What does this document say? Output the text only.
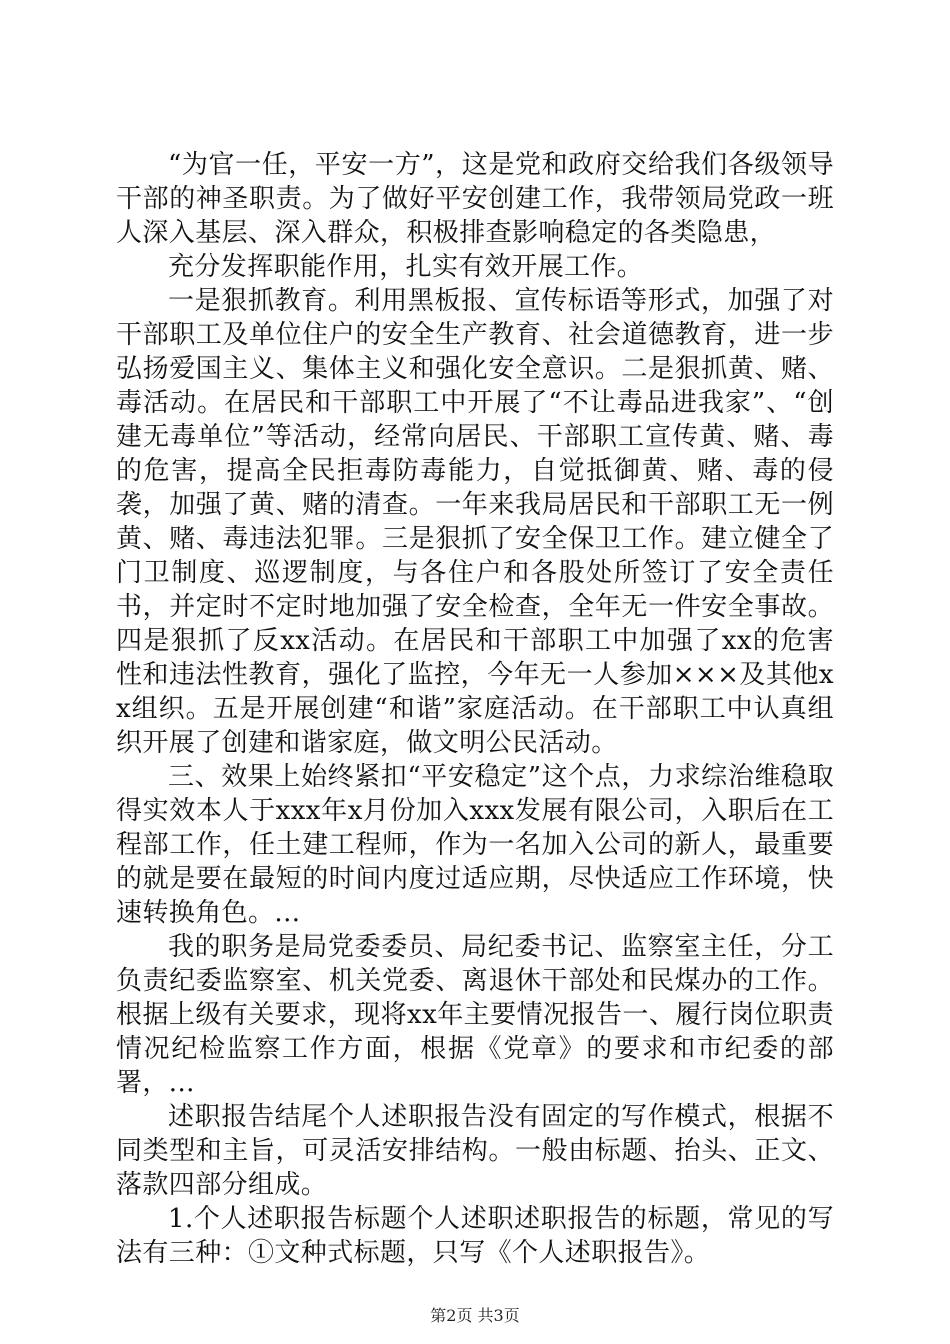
“为官一任，平安一方”，这是党和政府交给我们各级领导干部的神圣职责。为了做好平安创建工作，我带领局党政一班人深入基层、深入群众，积极排查影响稳定的各类隐患，

充分发挥职能作用，扎实有效开展工作。

一是狠抓教育。利用黑板报、宣传标语等形式，加强了对干部职工及单位住户的安全生产教育、社会道德教育，进一步弘扬爱国主义、集体主义和强化安全意识。二是狠抓黄、赌、毒活动。在居民和干部职工中开展了“不让毒品进我家”、“创建无毒单位”等活动，经常向居民、干部职工宣传黄、赌、毒的危害，提高全民拒毒防毒能力，自觉抵御黄、赌、毒的侵袭，加强了黄、赌的清查。一年来我局居民和干部职工无一例黄、赌、毒违法犯罪。三是狠抓了安全保卫工作。建立健全了门卫制度、巡逻制度，与各住户和各股处所签订了安全责任书，并定时不定时地加强了安全检查，全年无一件安全事故。四是狠抓了反xx活动。在居民和干部职工中加强了xx的危害性和违法性教育，强化了监控，今年无一人参加×××及其他xx组织。五是开展创建“和谐”家庭活动。在干部职工中认真组织开展了创建和谐家庭，做文明公民活动。

三、效果上始终紧扣“平安稳定”这个点，力求综治维稳取得实效本人于xxx年x月份加入xxx发展有限公司，入职后在工程部工作，任土建工程师，作为一名加入公司的新人，最重要的就是要在最短的时间内度过适应期，尽快适应工作环境，快速转换角色。...

我的职务是局党委委员、局纪委书记、监察室主任，分工负责纪委监察室、机关党委、离退休干部处和民煤办的工作。根据上级有关要求，现将xx年主要情况报告一、履行岗位职责情况纪检监察工作方面，根据《党章》的要求和市纪委的部署，...

述职报告结尾个人述职报告没有固定的写作模式，根据不同类型和主旨，可灵活安排结构。一般由标题、抬头、正文、落款四部分组成。

1.个人述职报告标题个人述职述职报告的标题，常见的写法有三种：①文种式标题，只写《个人述职报告》。

第2页 共3页
